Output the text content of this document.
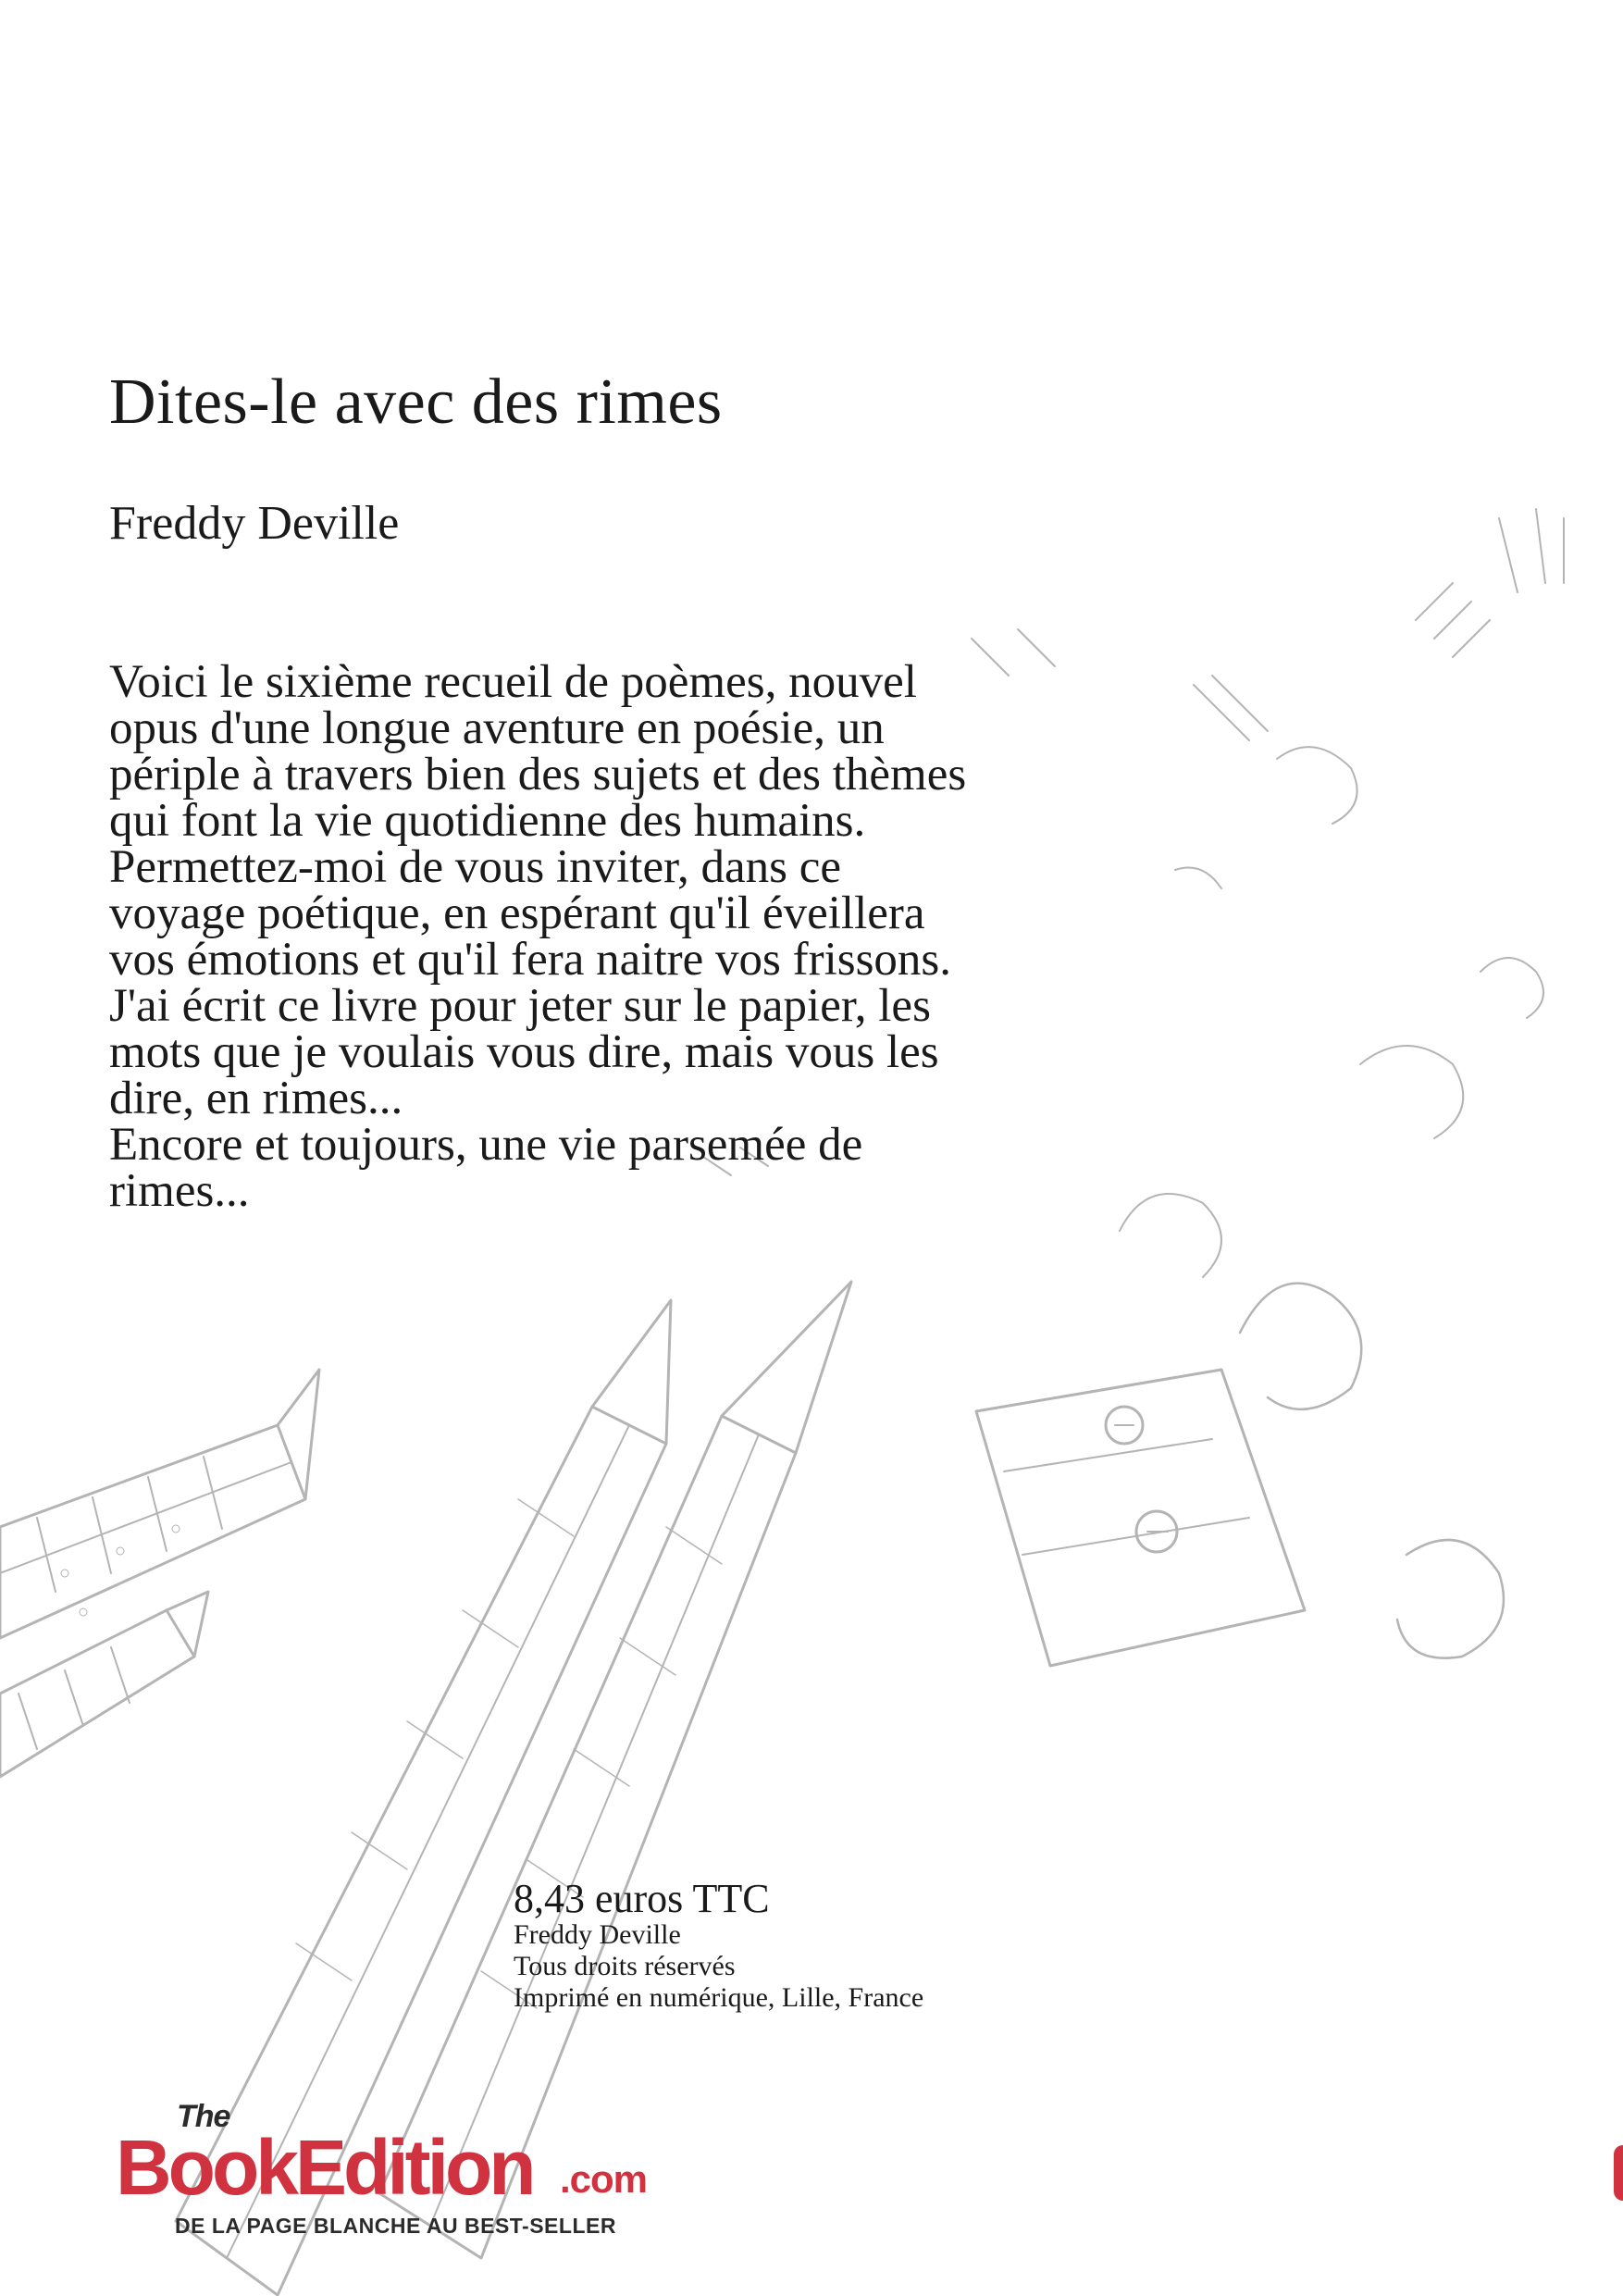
Dites-le avec des rimes
Freddy Deville
Voici le sixième recueil de poèmes, nouvel
opus d'une longue aventure en poésie, un
périple à travers bien des sujets et des thèmes
qui font la vie quotidienne des humains.
Permettez-moi de vous inviter, dans ce
voyage poétique, en espérant qu'il éveillera
vos émotions et qu'il fera naitre vos frissons.
J'ai écrit ce livre pour jeter sur le papier, les
mots que je voulais vous dire, mais vous les
dire, en rimes...
Encore et toujours, une vie parsemée de
rimes...
8,43 euros TTC
Freddy Deville
Tous droits réservés
Imprimé en numérique, Lille, France
The
BookEdition .com
DE LA PAGE BLANCHE AU BEST-SELLER
